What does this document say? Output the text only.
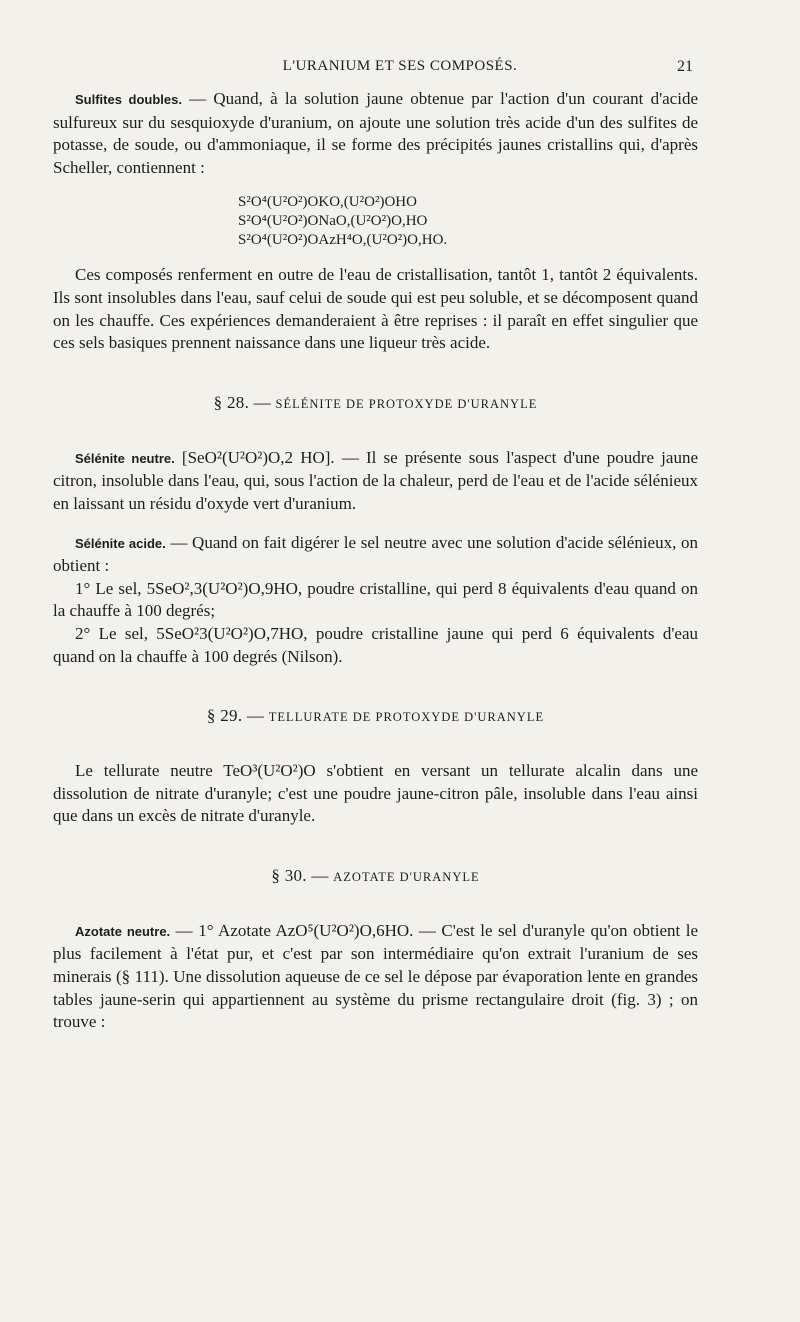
L'URANIUM ET SES COMPOSÉS.	21

Sulfites doubles. — Quand, à la solution jaune obtenue par l'action d'un courant d'acide sulfureux sur du sesquioxyde d'uranium, on ajoute une solution très acide d'un des sulfites de potasse, de soude, ou d'ammoniaque, il se forme des précipités jaunes cristallins qui, d'après Scheller, contiennent :

S²O⁴(U²O²)OKO,(U²O²)OHO
S²O⁴(U²O²)ONaO,(U²O²)O,HO
S²O⁴(U²O²)OAzH⁴O,(U²O²)O,HO.

Ces composés renferment en outre de l'eau de cristallisation, tantôt 1, tantôt 2 équivalents. Ils sont insolubles dans l'eau, sauf celui de soude qui est peu soluble, et se décomposent quand on les chauffe. Ces expériences demanderaient à être reprises : il paraît en effet singulier que ces sels basiques prennent naissance dans une liqueur très acide.

§ 28. — SÉLÉNITE DE PROTOXYDE D'URANYLE

Sélénite neutre. [SeO²(U²O²)O,2 HO]. — Il se présente sous l'aspect d'une poudre jaune citron, insoluble dans l'eau, qui, sous l'action de la chaleur, perd de l'eau et de l'acide sélénieux en laissant un résidu d'oxyde vert d'uranium.

Sélénite acide. — Quand on fait digérer le sel neutre avec une solution d'acide sélénieux, on obtient :

1° Le sel, 5SeO²,3(U²O²)O,9HO, poudre cristalline, qui perd 8 équivalents d'eau quand on la chauffe à 100 degrés;

2° Le sel, 5SeO²3(U²O²)O,7HO, poudre cristalline jaune qui perd 6 équivalents d'eau quand on la chauffe à 100 degrés (Nilson).

§ 29. — TELLURATE DE PROTOXYDE D'URANYLE

Le tellurate neutre TeO³(U²O²)O s'obtient en versant un tellurate alcalin dans une dissolution de nitrate d'uranyle; c'est une poudre jaune-citron pâle, insoluble dans l'eau ainsi que dans un excès de nitrate d'uranyle.

§ 30. — AZOTATE D'URANYLE

Azotate neutre. — 1° Azotate AzO⁵(U²O²)O,6HO. — C'est le sel d'uranyle qu'on obtient le plus facilement à l'état pur, et c'est par son intermédiaire qu'on extrait l'uranium de ses minerais (§ 111). Une dissolution aqueuse de ce sel le dépose par évaporation lente en grandes tables jaune-serin qui appartiennent au système du prisme rectangulaire droit (fig. 3) ; on trouve :
